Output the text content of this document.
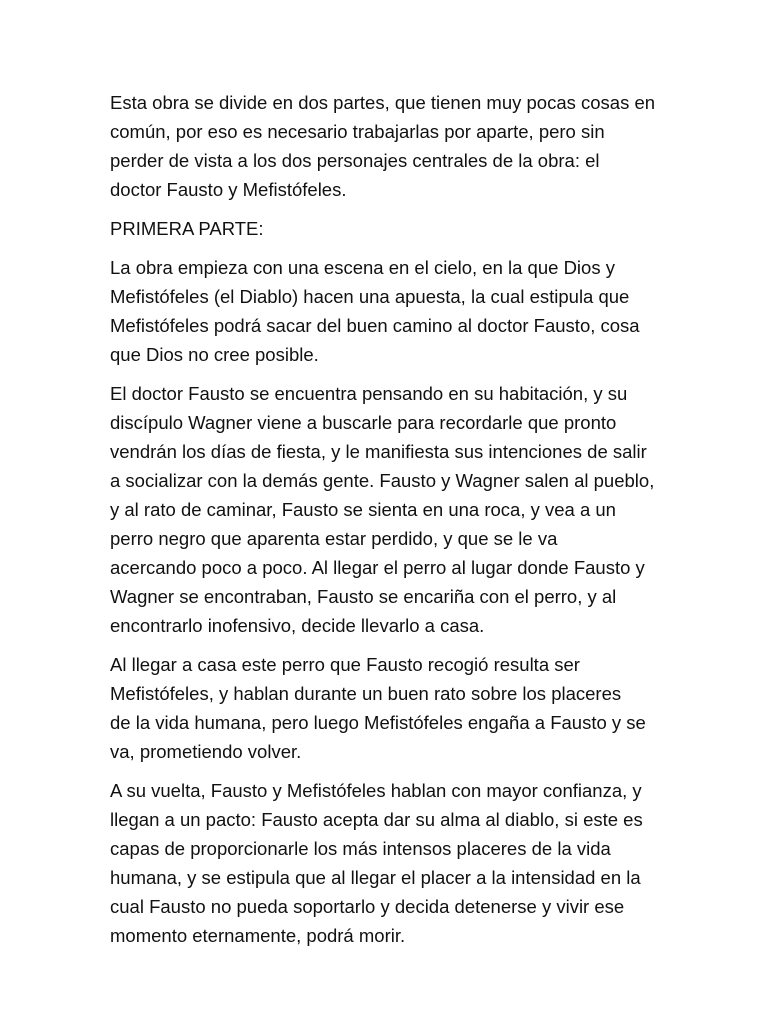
Esta obra se divide en dos partes, que tienen muy pocas cosas en
común, por eso es necesario trabajarlas por aparte, pero sin
perder de vista a los dos personajes centrales de la obra: el
doctor Fausto y Mefistófeles.

PRIMERA PARTE:

La obra empieza con una escena en el cielo, en la que Dios y
Mefistófeles (el Diablo) hacen una apuesta, la cual estipula que
Mefistófeles podrá sacar del buen camino al doctor Fausto, cosa
que Dios no cree posible.

El doctor Fausto se encuentra pensando en su habitación, y su
discípulo Wagner viene a buscarle para recordarle que pronto
vendrán los días de fiesta, y le manifiesta sus intenciones de salir
a socializar con la demás gente. Fausto y Wagner salen al pueblo,
y al rato de caminar, Fausto se sienta en una roca, y vea a un
perro negro que aparenta estar perdido, y que se le va
acercando poco a poco. Al llegar el perro al lugar donde Fausto y
Wagner se encontraban, Fausto se encariña con el perro, y al
encontrarlo inofensivo, decide llevarlo a casa.

Al llegar a casa este perro que Fausto recogió resulta ser
Mefistófeles, y hablan durante un buen rato sobre los placeres
de la vida humana, pero luego Mefistófeles engaña a Fausto y se
va, prometiendo volver.

A su vuelta, Fausto y Mefistófeles hablan con mayor confianza, y
llegan a un pacto: Fausto acepta dar su alma al diablo, si este es
capas de proporcionarle los más intensos placeres de la vida
humana, y se estipula que al llegar el placer a la intensidad en la
cual Fausto no pueda soportarlo y decida detenerse y vivir ese
momento eternamente, podrá morir.
